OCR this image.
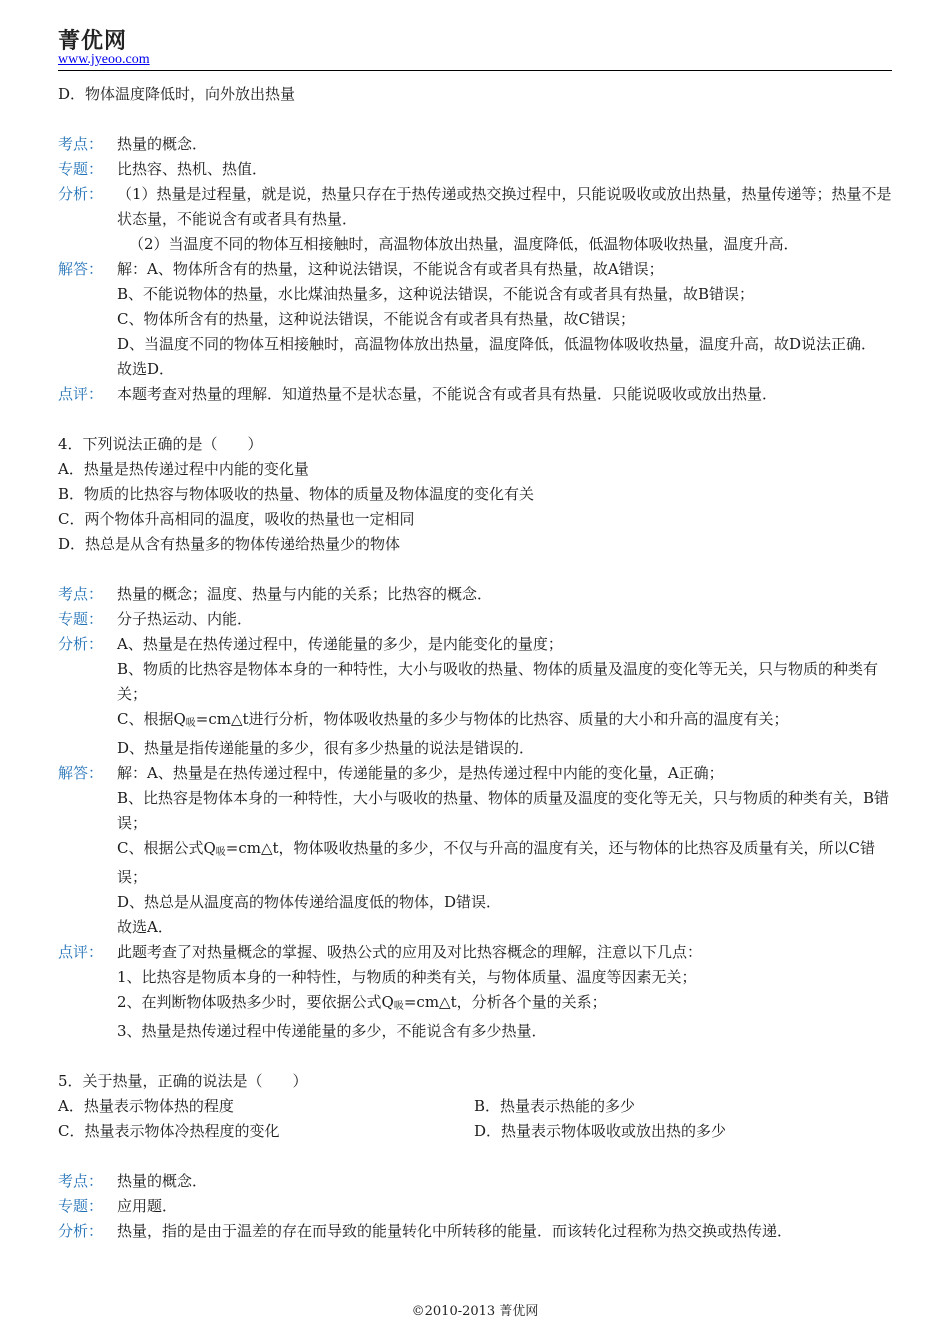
菁优网
www.jyeoo.com
D．物体温度降低时，向外放出热量
考点： 热量的概念．
专题： 比热容、热机、热值．
分析： （1）热量是过程量，就是说，热量只存在于热传递或热交换过程中，只能说吸收或放出热量，热量传递等；热量不是状态量，不能说含有或者具有热量．
（2）当温度不同的物体互相接触时，高温物体放出热量，温度降低，低温物体吸收热量，温度升高．
解答： 解：A、物体所含有的热量，这种说法错误，不能说含有或者具有热量，故A错误；
B、不能说物体的热量，水比煤油热量多，这种说法错误，不能说含有或者具有热量，故B错误；
C、物体所含有的热量，这种说法错误，不能说含有或者具有热量，故C错误；
D、当温度不同的物体互相接触时，高温物体放出热量，温度降低，低温物体吸收热量，温度升高，故D说法正确．
故选D．
点评： 本题考查对热量的理解．知道热量不是状态量，不能说含有或者具有热量．只能说吸收或放出热量．
4．下列说法正确的是（　　）
A．热量是热传递过程中内能的变化量
B．物质的比热容与物体吸收的热量、物体的质量及物体温度的变化有关
C．两个物体升高相同的温度，吸收的热量也一定相同
D．热总是从含有热量多的物体传递给热量少的物体
考点： 热量的概念；温度、热量与内能的关系；比热容的概念．
专题： 分子热运动、内能．
分析： A、热量是在热传递过程中，传递能量的多少，是内能变化的量度；
B、物质的比热容是物体本身的一种特性，大小与吸收的热量、物体的质量及温度的变化等无关，只与物质的种类有关；
C、根据$Q_吸=cm\triangle t$进行分析，物体吸收热量的多少与物体的比热容、质量的大小和升高的温度有关；
D、热量是指传递能量的多少，很有多少热量的说法是错误的．
解答： 解：A、热量是在热传递过程中，传递能量的多少，是热传递过程中内能的变化量，A正确；
B、比热容是物体本身的一种特性，大小与吸收的热量、物体的质量及温度的变化等无关，只与物质的种类有关，B错误；
C、根据公式$Q_吸=cm\triangle t$，物体吸收热量的多少，不仅与升高的温度有关，还与物体的比热容及质量有关，所以C错误；
D、热总是从温度高的物体传递给温度低的物体，D错误．
故选A．
点评： 此题考查了对热量概念的掌握、吸热公式的应用及对比热容概念的理解，注意以下几点：
1、比热容是物质本身的一种特性，与物质的种类有关，与物体质量、温度等因素无关；
2、在判断物体吸热多少时，要依据公式$Q_吸=cm\triangle t$，分析各个量的关系；
3、热量是热传递过程中传递能量的多少，不能说含有多少热量．
5．关于热量，正确的说法是（　　）
A．热量表示物体热的程度	B．热量表示热能的多少
C．热量表示物体冷热程度的变化	D．热量表示物体吸收或放出热的多少
考点： 热量的概念．
专题： 应用题．
分析： 热量，指的是由于温差的存在而导致的能量转化中所转移的能量．而该转化过程称为热交换或热传递．
©2010-2013 菁优网
